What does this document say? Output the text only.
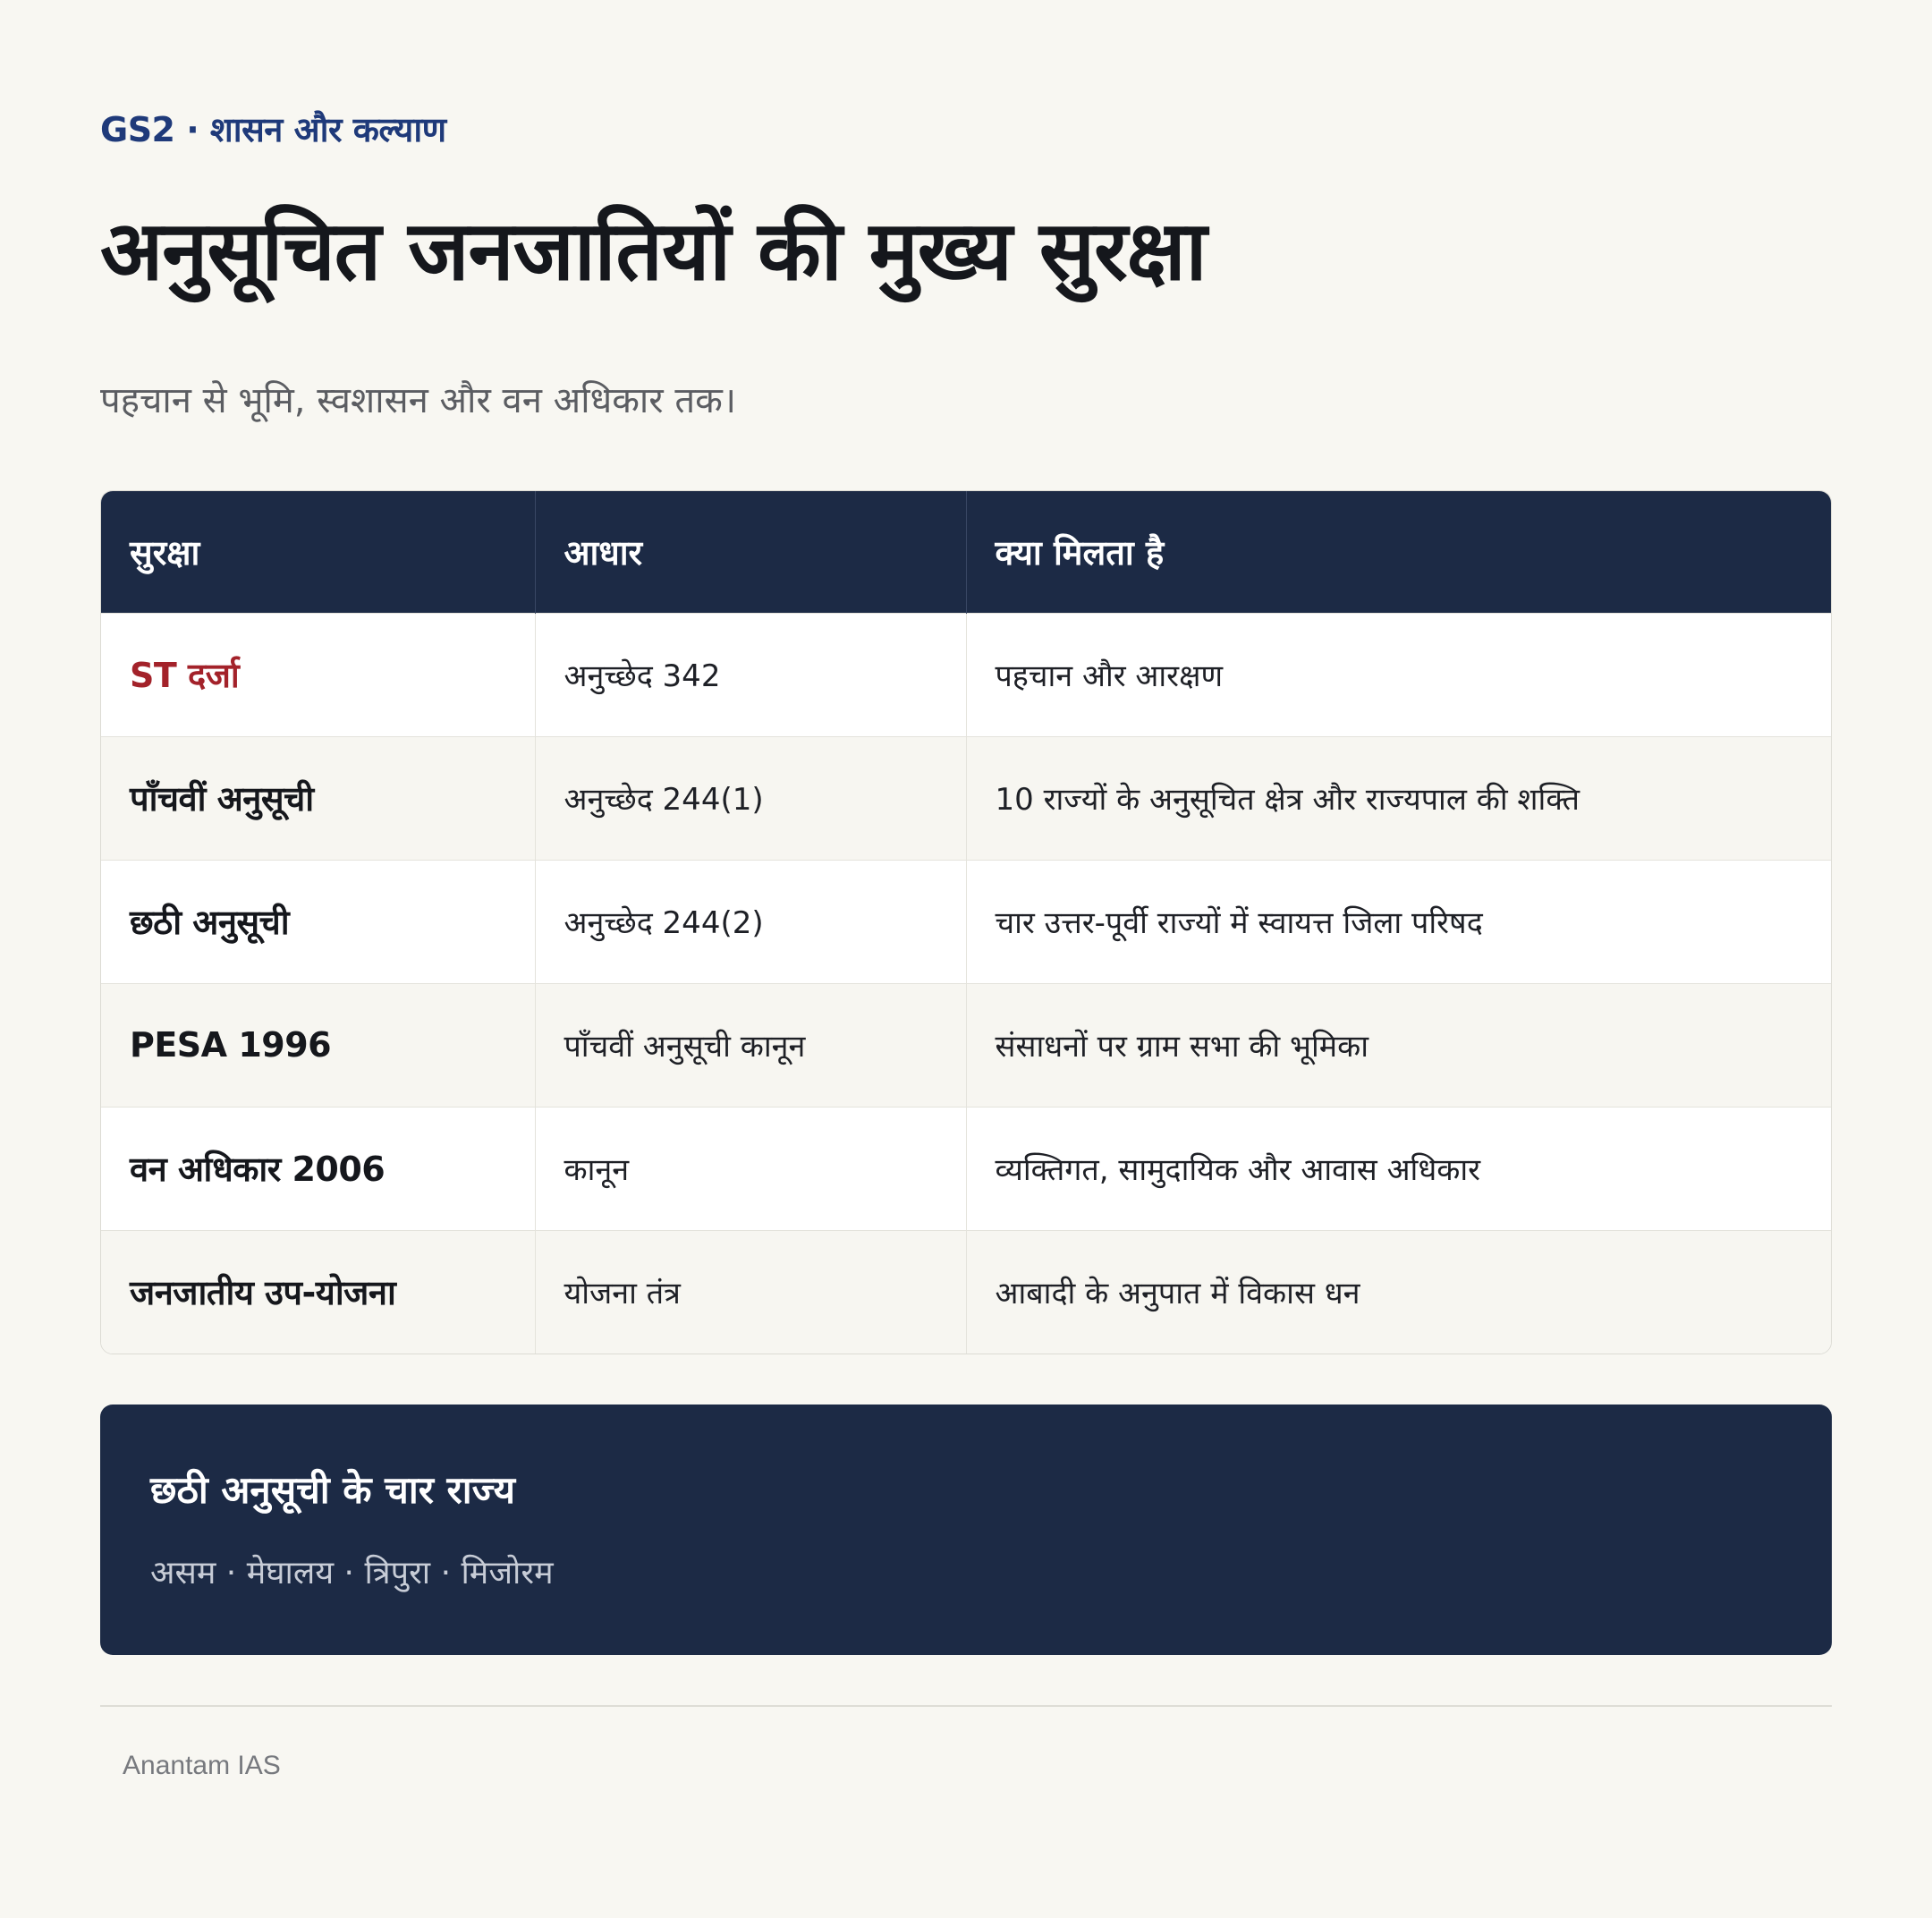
GS2 · शासन और कल्याण
अनुसूचित जनजातियों की मुख्य सुरक्षा
पहचान से भूमि, स्वशासन और वन अधिकार तक।
सुरक्षा	आधार	क्या मिलता है
ST दर्जा	अनुच्छेद 342	पहचान और आरक्षण
पाँचवीं अनुसूची	अनुच्छेद 244(1)	10 राज्यों के अनुसूचित क्षेत्र और राज्यपाल की शक्ति
छठी अनुसूची	अनुच्छेद 244(2)	चार उत्तर-पूर्वी राज्यों में स्वायत्त जिला परिषद
PESA 1996	पाँचवीं अनुसूची कानून	संसाधनों पर ग्राम सभा की भूमिका
वन अधिकार 2006	कानून	व्यक्तिगत, सामुदायिक और आवास अधिकार
जनजातीय उप-योजना	योजना तंत्र	आबादी के अनुपात में विकास धन
छठी अनुसूची के चार राज्य
असम · मेघालय · त्रिपुरा · मिजोरम
Anantam IAS
